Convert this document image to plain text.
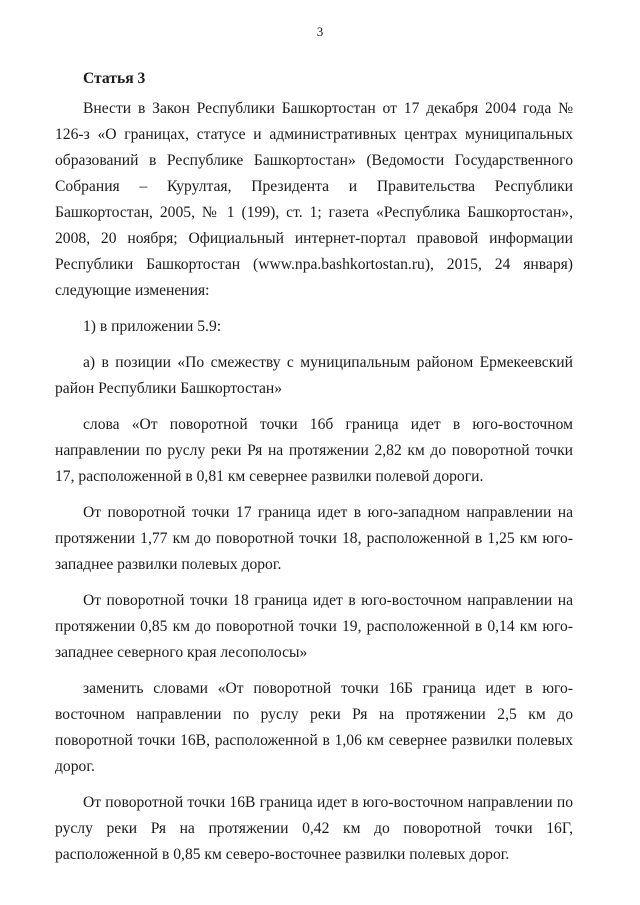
3

Статья 3

Внести в Закон Республики Башкортостан от 17 декабря 2004 года № 126-з «О границах, статусе и административных центрах муниципальных образований в Республике Башкортостан» (Ведомости Государственного Собрания – Курултая, Президента и Правительства Республики Башкортостан, 2005, № 1 (199), ст. 1; газета «Республика Башкортостан», 2008, 20 ноября; Официальный интернет-портал правовой информации Республики Башкортостан (www.npa.bashkortostan.ru), 2015, 24 января) следующие изменения:

1) в приложении 5.9:

а) в позиции «По смежеству с муниципальным районом Ермекеевский район Республики Башкортостан»

слова «От поворотной точки 16б граница идет в юго-восточном направлении по руслу реки Ря на протяжении 2,82 км до поворотной точки 17, расположенной в 0,81 км севернее развилки полевой дороги.

От поворотной точки 17 граница идет в юго-западном направлении на протяжении 1,77 км до поворотной точки 18, расположенной в 1,25 км юго-западнее развилки полевых дорог.

От поворотной точки 18 граница идет в юго-восточном направлении на протяжении 0,85 км до поворотной точки 19, расположенной в 0,14 км юго-западнее северного края лесополосы»

заменить словами «От поворотной точки 16Б граница идет в юго-восточном направлении по руслу реки Ря на протяжении 2,5 км до поворотной точки 16В, расположенной в 1,06 км севернее развилки полевых дорог.

От поворотной точки 16В граница идет в юго-восточном направлении по руслу реки Ря на протяжении 0,42 км до поворотной точки 16Г, расположенной в 0,85 км северо-восточнее развилки полевых дорог.
